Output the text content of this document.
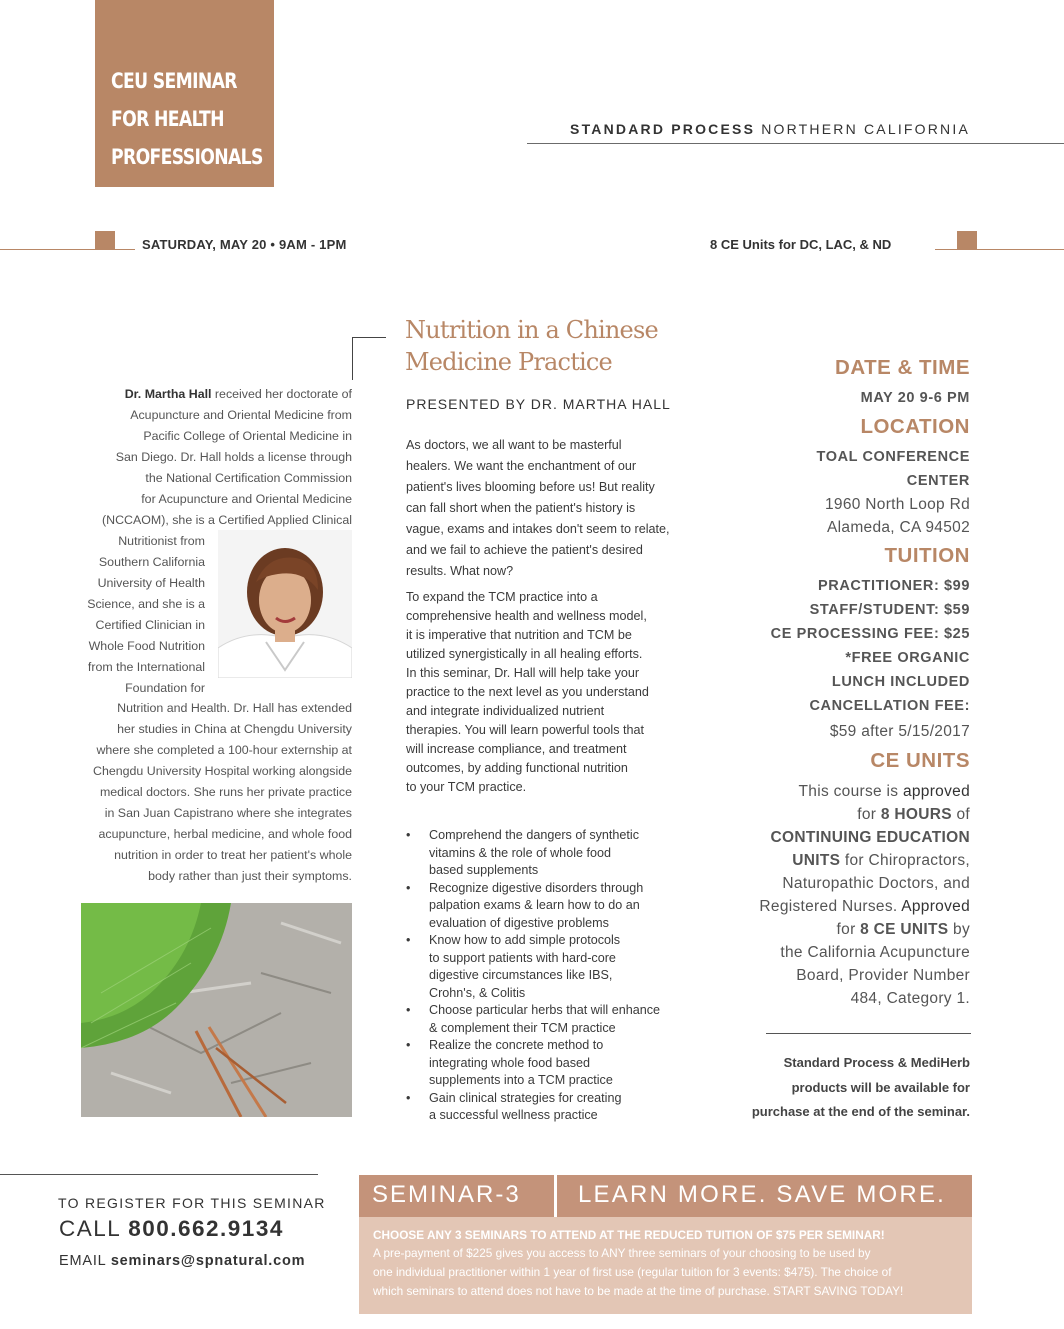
CEU SEMINAR
FOR HEALTH
PROFESSIONALS
STANDARD PROCESS NORTHERN CALIFORNIA
SATURDAY, MAY 20 • 9AM - 1PM	8 CE Units for DC, LAC, & ND
Dr. Martha Hall received her doctorate of
Acupuncture and Oriental Medicine from
Pacific College of Oriental Medicine in
San Diego. Dr. Hall holds a license through
the National Certification Commission
for Acupuncture and Oriental Medicine
(NCCAOM), she is a Certified Applied Clinical
Nutritionist from
Southern California
University of Health
Science, and she is a
Certified Clinician in
Whole Food Nutrition
from the International
Foundation for
Nutrition and Health. Dr. Hall has extended
her studies in China at Chengdu University
where she completed a 100-hour externship at
Chengdu University Hospital working alongside
medical doctors. She runs her private practice
in San Juan Capistrano where she integrates
acupuncture, herbal medicine, and whole food
nutrition in order to treat her patient's whole
body rather than just their symptoms.
Nutrition in a Chinese
Medicine Practice
PRESENTED BY DR. MARTHA HALL
As doctors, we all want to be masterful
healers. We want the enchantment of our
patient's lives blooming before us! But reality
can fall short when the patient's history is
vague, exams and intakes don't seem to relate,
and we fail to achieve the patient's desired
results. What now?
To expand the TCM practice into a
comprehensive health and wellness model,
it is imperative that nutrition and TCM be
utilized synergistically in all healing efforts.
In this seminar, Dr. Hall will help take your
practice to the next level as you understand
and integrate individualized nutrient
therapies. You will learn powerful tools that
will increase compliance, and treatment
outcomes, by adding functional nutrition
to your TCM practice.
• Comprehend the dangers of synthetic
vitamins & the role of whole food
based supplements
• Recognize digestive disorders through
palpation exams & learn how to do an
evaluation of digestive problems
• Know how to add simple protocols
to support patients with hard-core
digestive circumstances like IBS,
Crohn's, & Colitis
• Choose particular herbs that will enhance
& complement their TCM practice
• Realize the concrete method to
integrating whole food based
supplements into a TCM practice
• Gain clinical strategies for creating
a successful wellness practice
DATE & TIME
MAY 20 9-6 PM
LOCATION
TOAL CONFERENCE
CENTER
1960 North Loop Rd
Alameda, CA 94502
TUITION
PRACTITIONER: $99
STAFF/STUDENT: $59
CE PROCESSING FEE: $25
*FREE ORGANIC
LUNCH INCLUDED
CANCELLATION FEE:
$59 after 5/15/2017
CE UNITS
This course is approved
for 8 HOURS of
CONTINUING EDUCATION
UNITS for Chiropractors,
Naturopathic Doctors, and
Registered Nurses. Approved
for 8 CE UNITS by
the California Acupuncture
Board, Provider Number
484, Category 1.
Standard Process & MediHerb
products will be available for
purchase at the end of the seminar.
TO REGISTER FOR THIS SEMINAR
CALL 800.662.9134
EMAIL seminars@spnatural.com
SEMINAR-3 LEARN MORE. SAVE MORE.
CHOOSE ANY 3 SEMINARS TO ATTEND AT THE REDUCED TUITION OF $75 PER SEMINAR!
A pre-payment of $225 gives you access to ANY three seminars of your choosing to be used by
one individual practitioner within 1 year of first use (regular tuition for 3 events: $475). The choice of
which seminars to attend does not have to be made at the time of purchase. START SAVING TODAY!
